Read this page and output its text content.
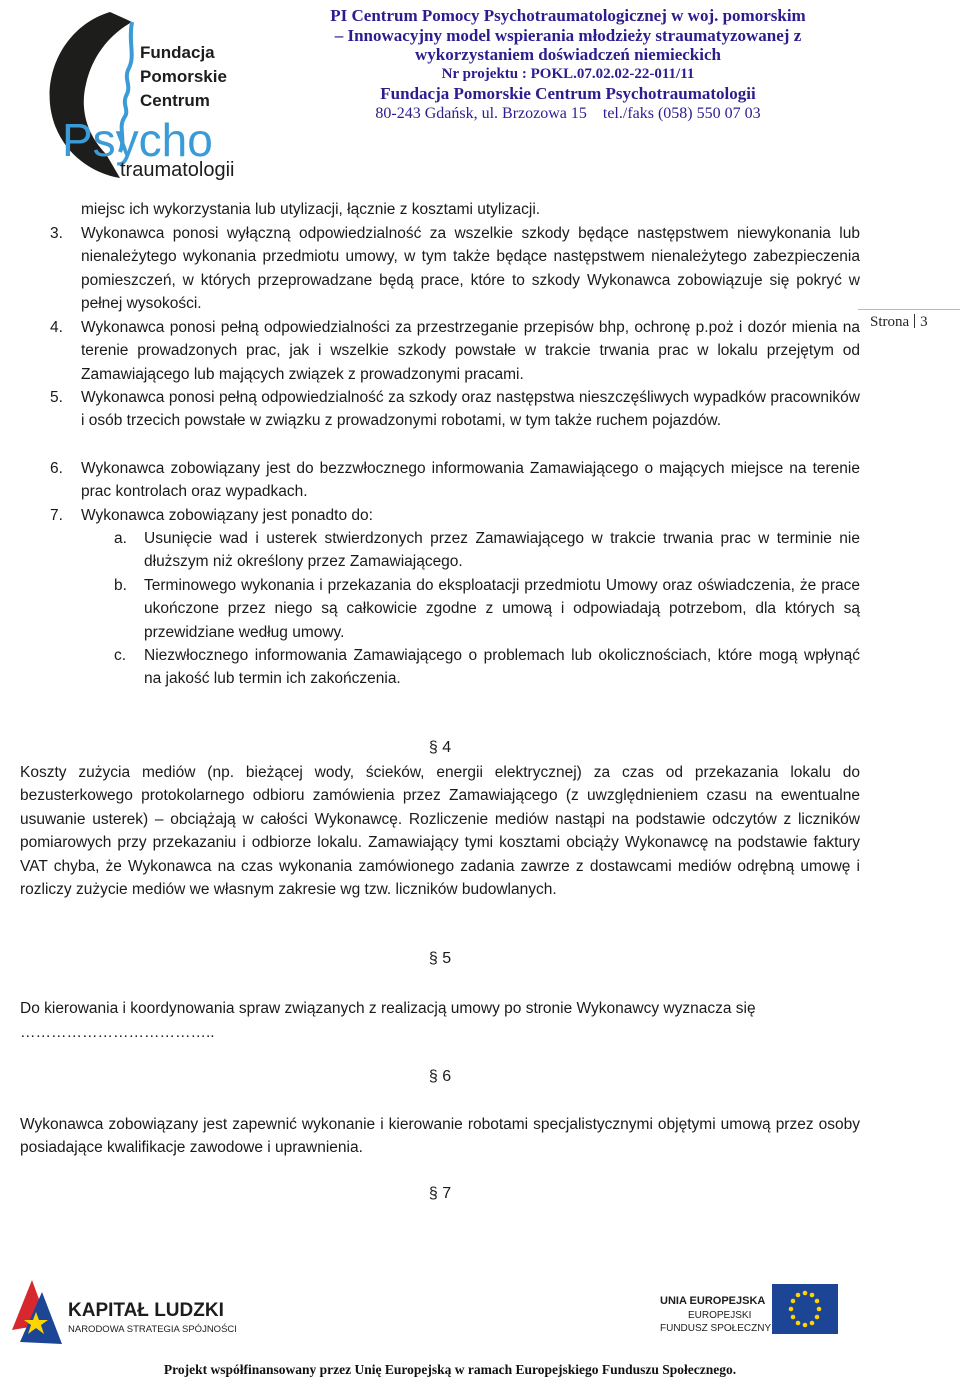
Fundacja
Pomorskie
Centrum
Psycho
traumatologii
PI Centrum Pomocy Psychotraumatologicznej w woj. pomorskim
– Innowacyjny model wspierania młodzieży straumatyzowanej z
wykorzystaniem doświadczeń niemieckich
Nr projektu : POKL.07.02.02-22-011/11
Fundacja Pomorskie Centrum Psychotraumatologii
80-243 Gdańsk, ul. Brzozowa 15 tel./faks (058) 550 07 03
Strona 3
miejsc ich wykorzystania lub utylizacji, łącznie z kosztami utylizacji.
3. Wykonawca ponosi wyłączną odpowiedzialność za wszelkie szkody będące następstwem niewykonania lub nienależytego wykonania przedmiotu umowy, w tym także będące następstwem nienależytego zabezpieczenia pomieszczeń, w których przeprowadzane będą prace, które to szkody Wykonawca zobowiązuje się pokryć w pełnej wysokości.
4. Wykonawca ponosi pełną odpowiedzialności za przestrzeganie przepisów bhp, ochronę p.poż i dozór mienia na terenie prowadzonych prac, jak i wszelkie szkody powstałe w trakcie trwania prac w lokalu przejętym od Zamawiającego lub mających związek z prowadzonymi pracami.
5. Wykonawca ponosi pełną odpowiedzialność za szkody oraz następstwa nieszczęśliwych wypadków pracowników i osób trzecich powstałe w związku z prowadzonymi robotami, w tym także ruchem pojazdów.
6. Wykonawca zobowiązany jest do bezzwłocznego informowania Zamawiającego o mających miejsce na terenie prac kontrolach oraz wypadkach.
7. Wykonawca zobowiązany jest ponadto do:
a. Usunięcie wad i usterek stwierdzonych przez Zamawiającego w trakcie trwania prac w terminie nie dłuższym niż określony przez Zamawiającego.
b. Terminowego wykonania i przekazania do eksploatacji przedmiotu Umowy oraz oświadczenia, że prace ukończone przez niego są całkowicie zgodne z umową i odpowiadają potrzebom, dla których są przewidziane według umowy.
c. Niezwłocznego informowania Zamawiającego o problemach lub okolicznościach, które mogą wpłynąć na jakość lub termin ich zakończenia.
§ 4
Koszty zużycia mediów (np. bieżącej wody, ścieków, energii elektrycznej) za czas od przekazania lokalu do bezusterkowego protokolarnego odbioru zamówienia przez Zamawiającego (z uwzględnieniem czasu na ewentualne usuwanie usterek) – obciążają w całości Wykonawcę. Rozliczenie mediów nastąpi na podstawie odczytów z liczników pomiarowych przy przekazaniu i odbiorze lokalu. Zamawiający tymi kosztami obciąży Wykonawcę na podstawie faktury VAT chyba, że Wykonawca na czas wykonania zamówionego zadania zawrze z dostawcami mediów odrębną umowę i rozliczy zużycie mediów we własnym zakresie wg tzw. liczników budowlanych.
§ 5
Do kierowania i koordynowania spraw związanych z realizacją umowy po stronie Wykonawcy wyznacza się
………………………………..
§ 6
Wykonawca zobowiązany jest zapewnić wykonanie i kierowanie robotami specjalistycznymi objętymi umową przez osoby posiadające kwalifikacje zawodowe i uprawnienia.
§ 7
KAPITAŁ LUDZKI
NARODOWA STRATEGIA SPÓJNOŚCI
UNIA EUROPEJSKA
EUROPEJSKI
FUNDUSZ SPOŁECZNY
Projekt współfinansowany przez Unię Europejską w ramach Europejskiego Funduszu Społecznego.
